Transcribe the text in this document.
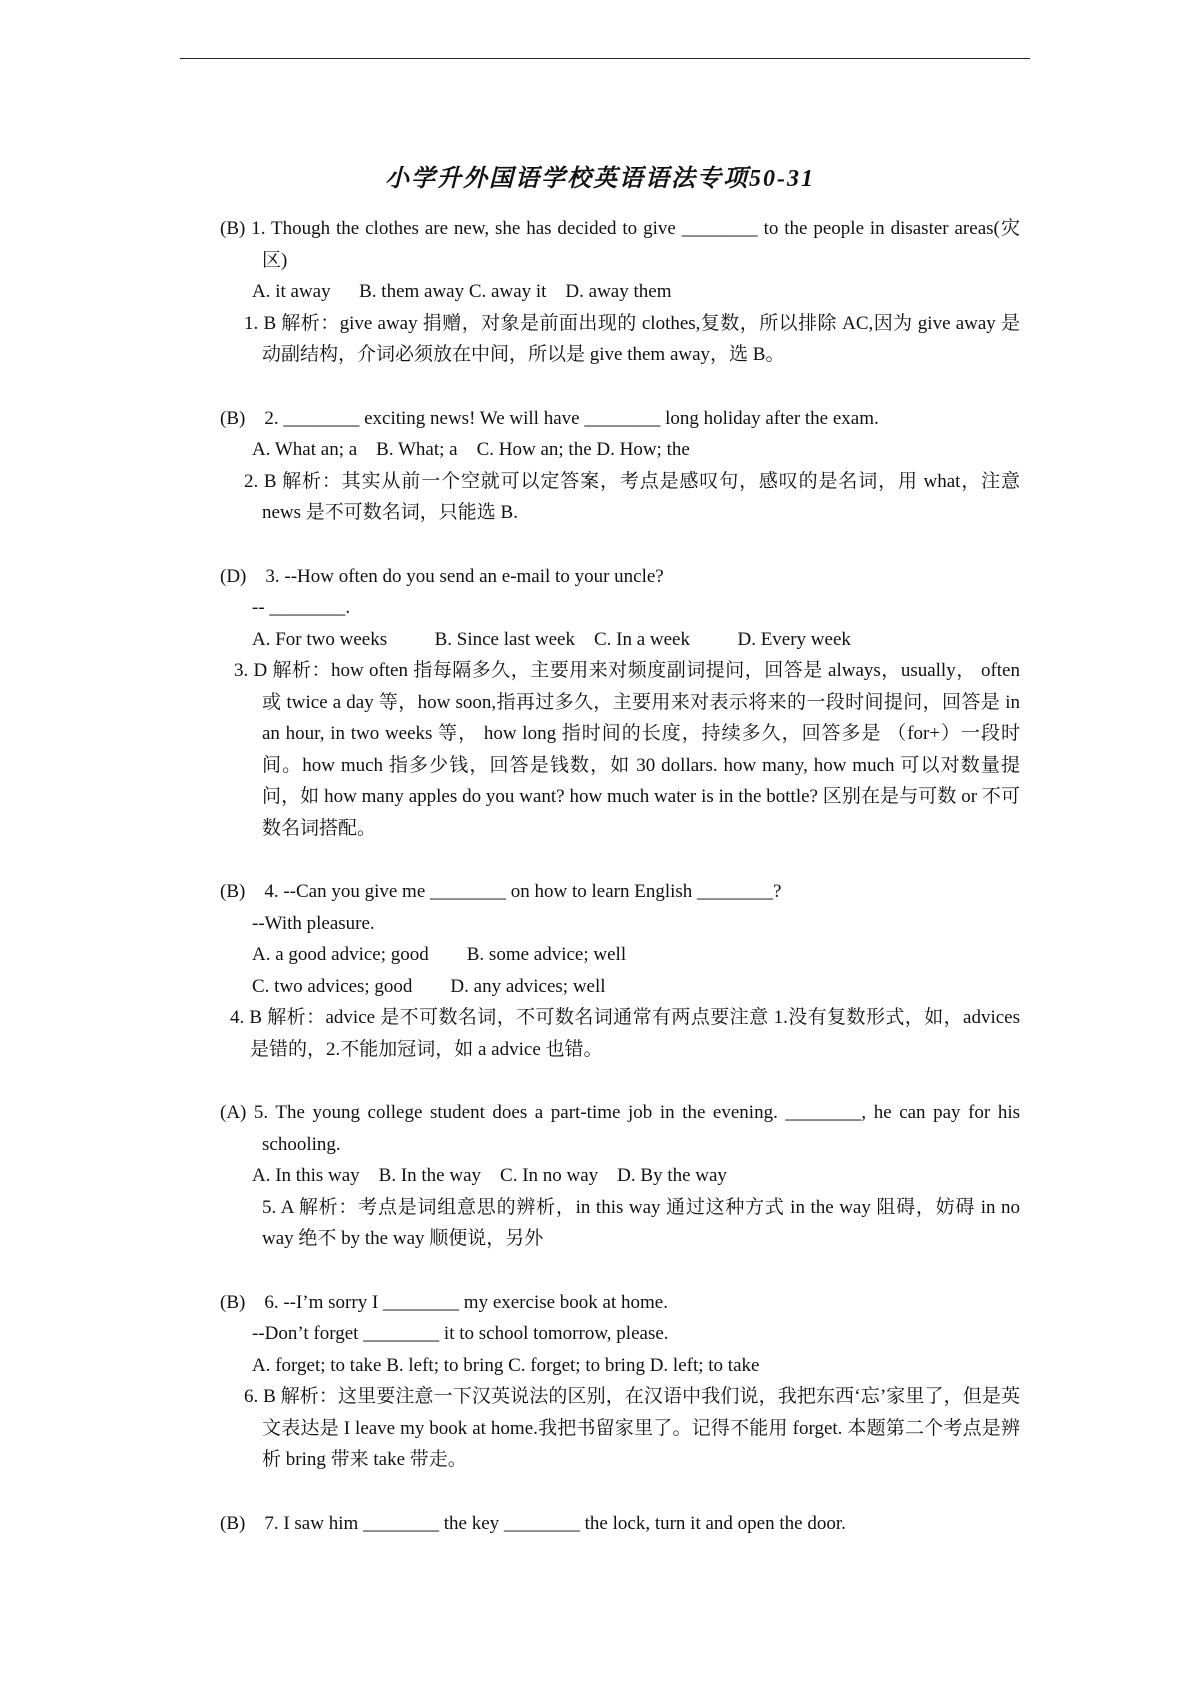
小学升外国语学校英语语法专项50-31
(B) 1. Though the clothes are new, she has decided to give ________ to the people in disaster areas(灾区)
A. it away      B. them away C. away it    D. away them
1. B 解析：give away 捐赠，对象是前面出现的 clothes,复数，所以排除 AC,因为 give away 是动副结构，介词必须放在中间，所以是 give them away，选 B。
(B)    2. ________ exciting news! We will have ________ long holiday after the exam.
A. What an; a    B. What; a    C. How an; the D. How; the
2. B 解析：其实从前一个空就可以定答案，考点是感叹句，感叹的是名词，用 what，注意 news 是不可数名词，只能选 B.
(D)    3. --How often do you send an e-mail to your uncle?
-- ________.
A. For two weeks          B. Since last week    C. In a week          D. Every week
3. D 解析：how often 指每隔多久，主要用来对频度副词提问，回答是 always，usually， often 或 twice a day 等，how soon,指再过多久，主要用来对表示将来的一段时间提问，回答是 in an hour, in two weeks 等， how long 指时间的长度，持续多久，回答多是 （for+）一段时间。how much 指多少钱，回答是钱数，如 30 dollars. how many, how much 可以对数量提问，如 how many apples do you want? how much water is in the bottle? 区别在是与可数 or 不可数名词搭配。
(B)    4. --Can you give me ________ on how to learn English ________?
--With pleasure.
A. a good advice; good        B. some advice; well
C. two advices; good        D. any advices; well
4. B 解析：advice 是不可数名词，不可数名词通常有两点要注意 1.没有复数形式，如，advices 是错的，2.不能加冠词，如 a advice 也错。
(A) 5. The young college student does a part-time job in the evening. ________, he can pay for his schooling.
A. In this way    B. In the way    C. In no way    D. By the way
5. A 解析：考点是词组意思的辨析，in this way 通过这种方式 in the way 阻碍，妨碍 in no way 绝不 by the way 顺便说，另外
(B)    6. --I’m sorry I ________ my exercise book at home.
--Don’t forget ________ it to school tomorrow, please.
A. forget; to take B. left; to bring C. forget; to bring D. left; to take
6. B 解析：这里要注意一下汉英说法的区别，在汉语中我们说，我把东西‘忘’家里了，但是英文表达是 I leave my book at home.我把书留家里了。记得不能用 forget. 本题第二个考点是辨析 bring 带来 take 带走。
(B)    7. I saw him ________ the key ________ the lock, turn it and open the door.
